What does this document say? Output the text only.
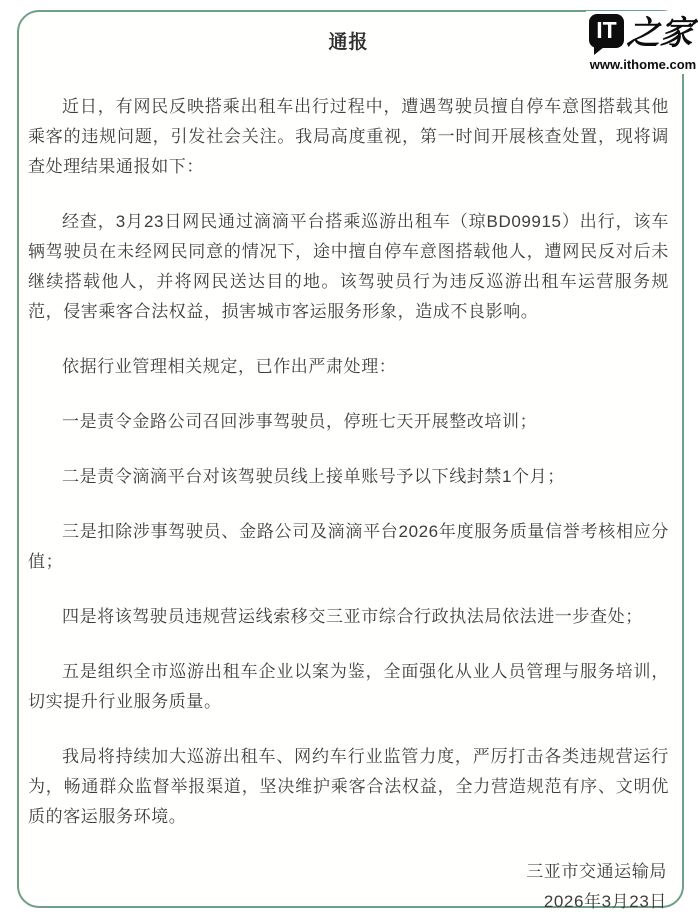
通报

近日，有网民反映搭乘出租车出行过程中，遭遇驾驶员擅自停车意图搭载其他乘客的违规问题，引发社会关注。我局高度重视，第一时间开展核查处置，现将调查处理结果通报如下：

经查，3月23日网民通过滴滴平台搭乘巡游出租车（琼BD09915）出行，该车辆驾驶员在未经网民同意的情况下，途中擅自停车意图搭载他人，遭网民反对后未继续搭载他人，并将网民送达目的地。该驾驶员行为违反巡游出租车运营服务规范，侵害乘客合法权益，损害城市客运服务形象，造成不良影响。

依据行业管理相关规定，已作出严肃处理：

一是责令金路公司召回涉事驾驶员，停班七天开展整改培训；

二是责令滴滴平台对该驾驶员线上接单账号予以下线封禁1个月；

三是扣除涉事驾驶员、金路公司及滴滴平台2026年度服务质量信誉考核相应分值；

四是将该驾驶员违规营运线索移交三亚市综合行政执法局依法进一步查处；

五是组织全市巡游出租车企业以案为鉴，全面强化从业人员管理与服务培训，切实提升行业服务质量。

我局将持续加大巡游出租车、网约车行业监管力度，严厉打击各类违规营运行为，畅通群众监督举报渠道，坚决维护乘客合法权益，全力营造规范有序、文明优质的客运服务环境。

三亚市交通运输局
2026年3月23日
IT 之家
www.ithome.com
